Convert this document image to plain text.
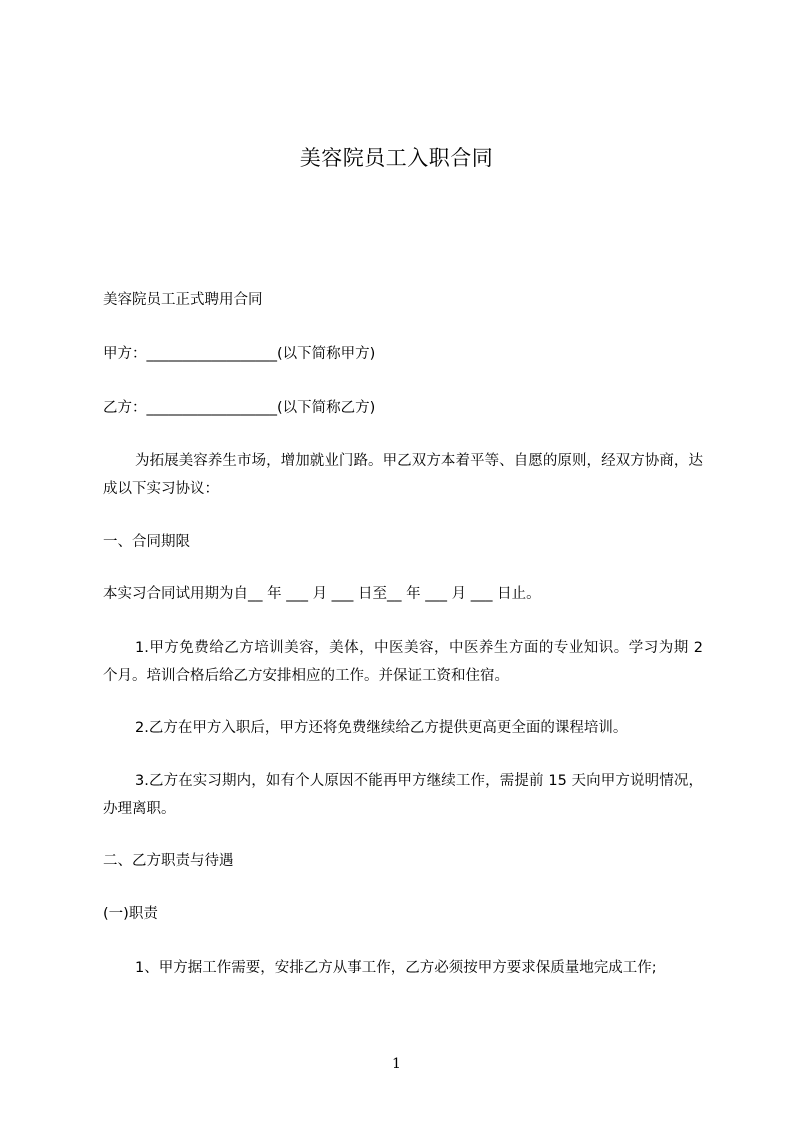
美容院员工入职合同

美容院员工正式聘用合同

甲方：__________________(以下简称甲方)

乙方：__________________(以下简称乙方)

为拓展美容养生市场，增加就业门路。甲乙双方本着平等、自愿的原则，经双方协商，达成以下实习协议：

一、合同期限

本实习合同试用期为自__ 年 ___ 月 ___ 日至__ 年 ___ 月 ___ 日止。

1.甲方免费给乙方培训美容，美体，中医美容，中医养生方面的专业知识。学习为期 2 个月。培训合格后给乙方安排相应的工作。并保证工资和住宿。

2.乙方在甲方入职后，甲方还将免费继续给乙方提供更高更全面的课程培训。

3.乙方在实习期内，如有个人原因不能再甲方继续工作，需提前 15 天向甲方说明情况，办理离职。

二、乙方职责与待遇

(一)职责

1、甲方据工作需要，安排乙方从事工作，乙方必须按甲方要求保质量地完成工作;

1
